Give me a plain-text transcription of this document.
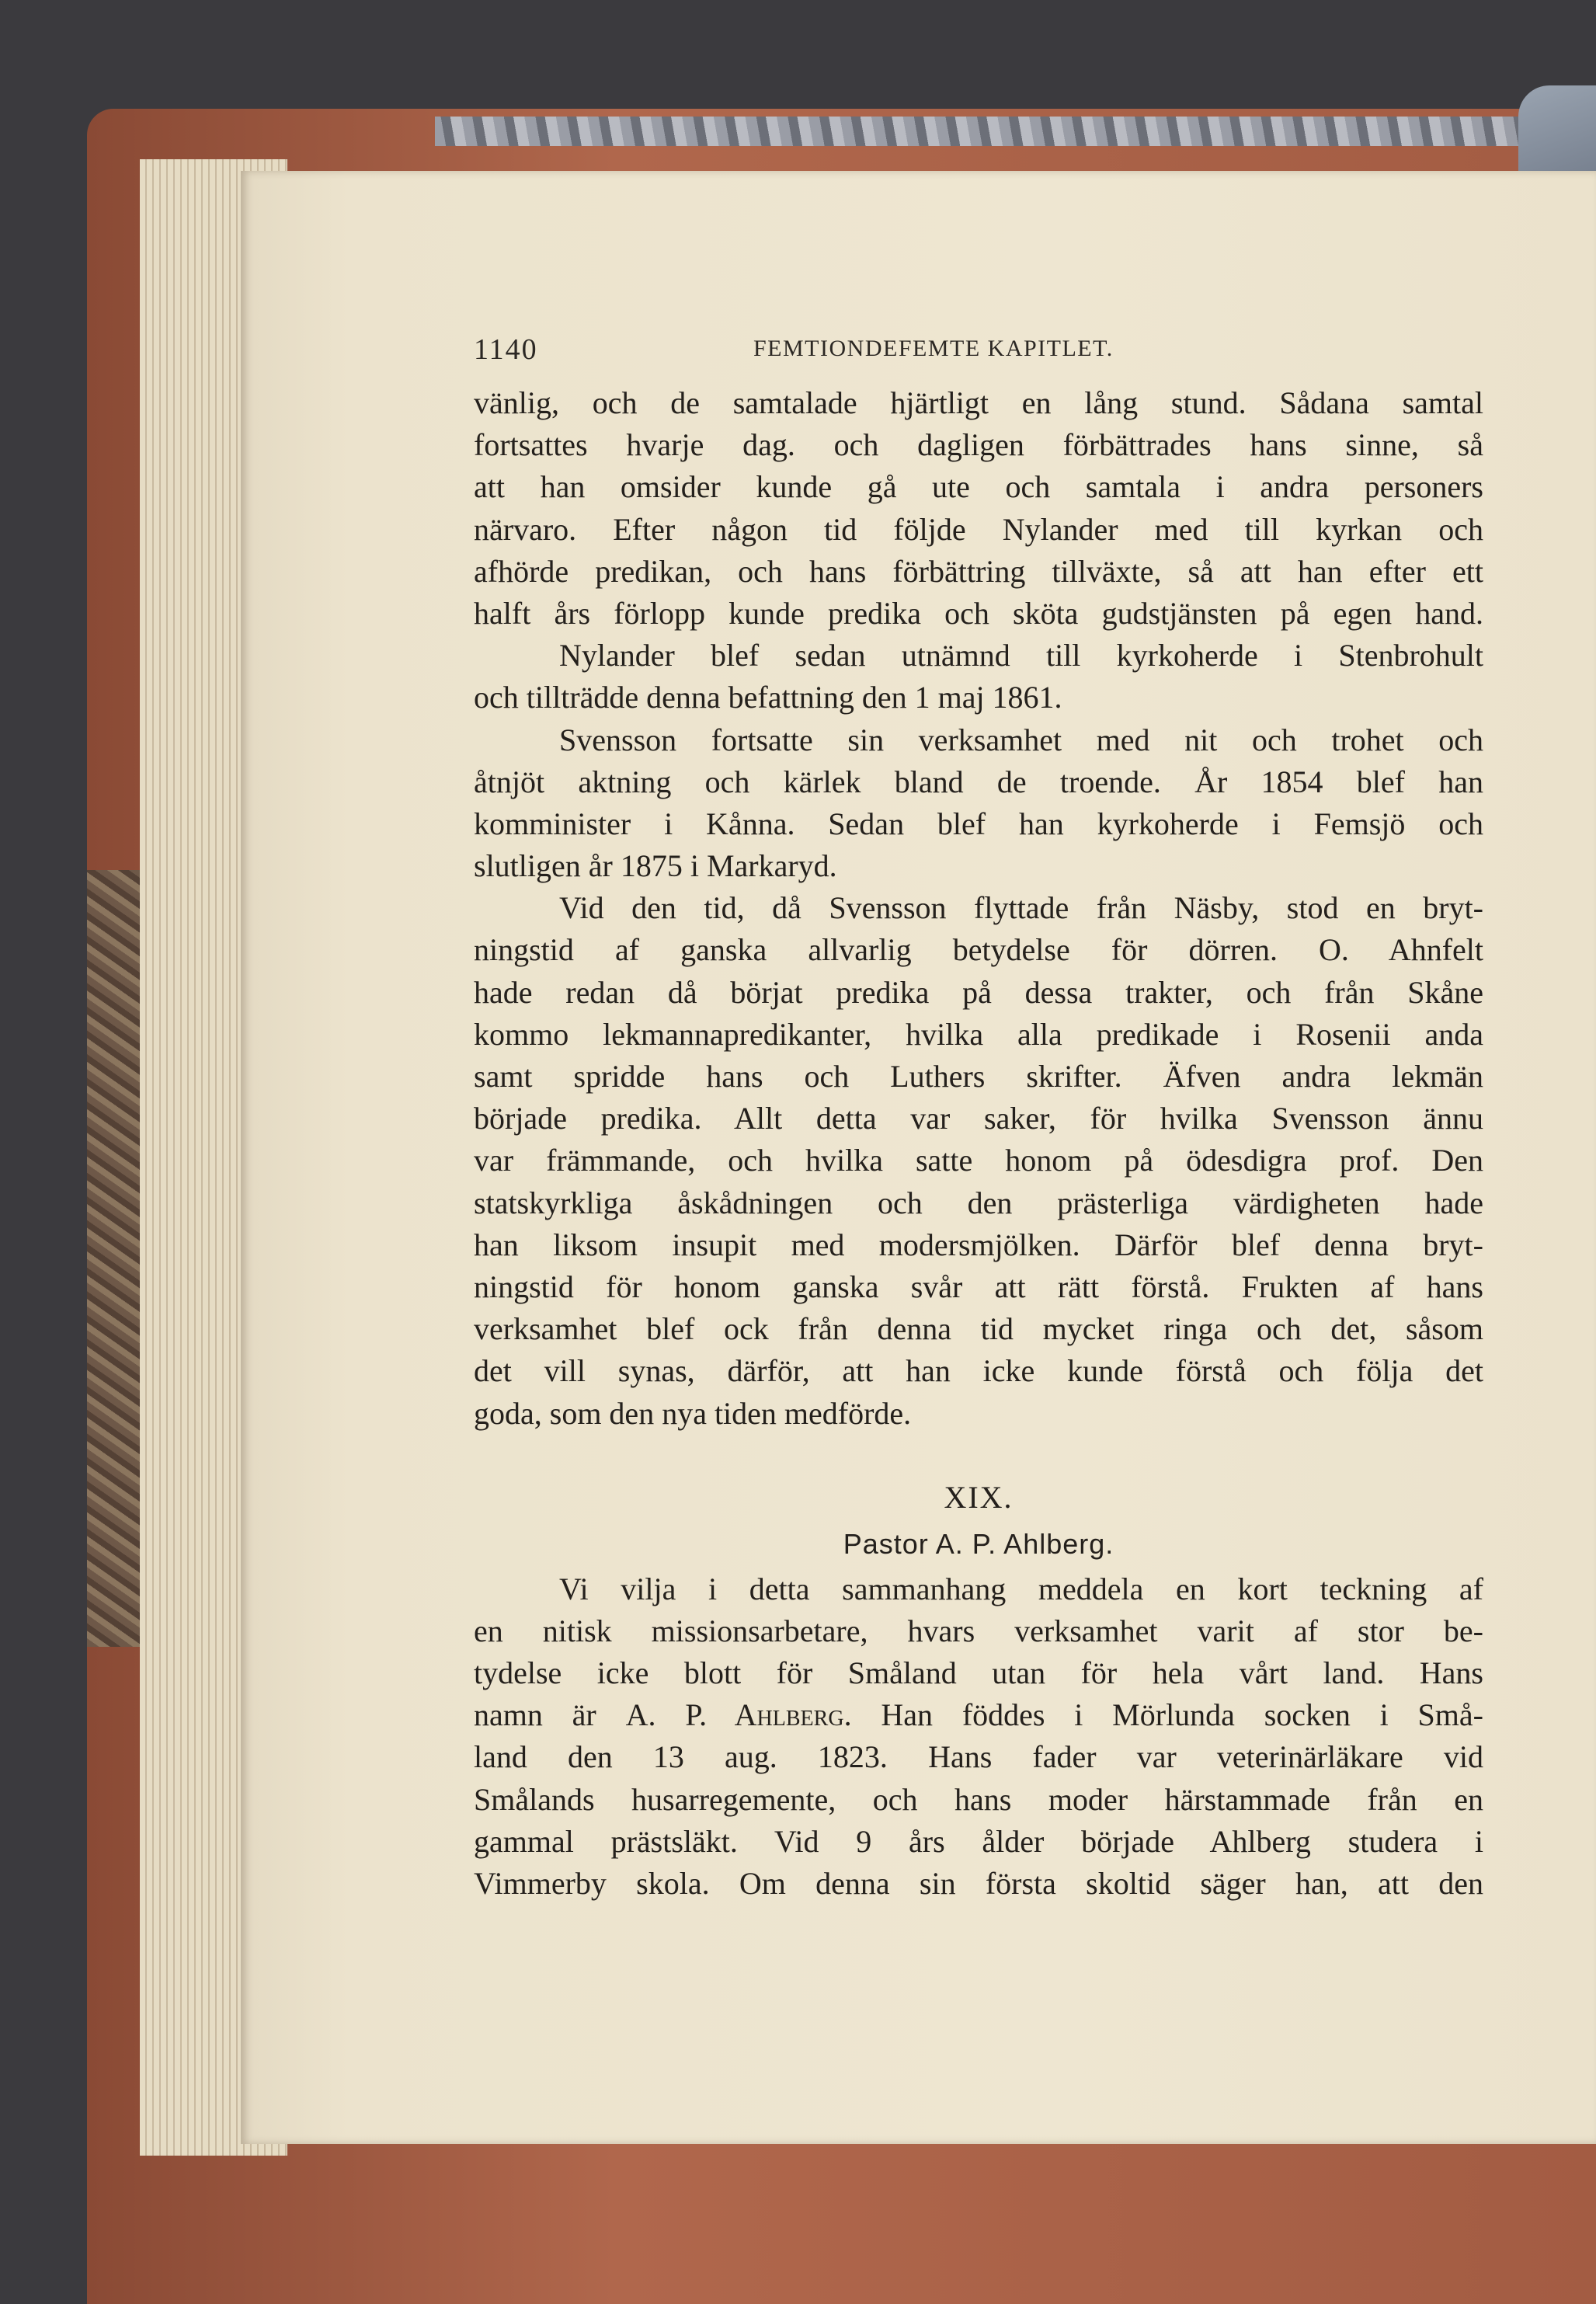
1140	FEMTIONDEFEMTE KAPITLET.
vänlig, och de samtalade hjärtligt en lång stund. Sådana samtal
fortsattes hvarje dag. och dagligen förbättrades hans sinne, så
att han omsider kunde gå ute och samtala i andra personers
närvaro. Efter någon tid följde Nylander med till kyrkan och
afhörde predikan, och hans förbättring tillväxte, så att han efter ett
halft års förlopp kunde predika och sköta gudstjänsten på egen hand.
Nylander blef sedan utnämnd till kyrkoherde i Stenbrohult
och tillträdde denna befattning den 1 maj 1861.
Svensson fortsatte sin verksamhet med nit och trohet och
åtnjöt aktning och kärlek bland de troende. År 1854 blef han
komminister i Kånna. Sedan blef han kyrkoherde i Femsjö och
slutligen år 1875 i Markaryd.
Vid den tid, då Svensson flyttade från Näsby, stod en bryt-
ningstid af ganska allvarlig betydelse för dörren. O. Ahnfelt
hade redan då börjat predika på dessa trakter, och från Skåne
kommo lekmannapredikanter, hvilka alla predikade i Rosenii anda
samt spridde hans och Luthers skrifter. Äfven andra lekmän
började predika. Allt detta var saker, för hvilka Svensson ännu
var främmande, och hvilka satte honom på ödesdigra prof. Den
statskyrkliga åskådningen och den prästerliga värdigheten hade
han liksom insupit med modersmjölken. Därför blef denna bryt-
ningstid för honom ganska svår att rätt förstå. Frukten af hans
verksamhet blef ock från denna tid mycket ringa och det, såsom
det vill synas, därför, att han icke kunde förstå och följa det
goda, som den nya tiden medförde.
XIX.
Pastor A. P. Ahlberg.
Vi vilja i detta sammanhang meddela en kort teckning af
en nitisk missionsarbetare, hvars verksamhet varit af stor be-
tydelse icke blott för Småland utan för hela vårt land. Hans
namn är A. P. Ahlberg. Han föddes i Mörlunda socken i Små-
land den 13 aug. 1823. Hans fader var veterinärläkare vid
Smålands husarregemente, och hans moder härstammade från en
gammal prästsläkt. Vid 9 års ålder började Ahlberg studera i
Vimmerby skola. Om denna sin första skoltid säger han, att den
